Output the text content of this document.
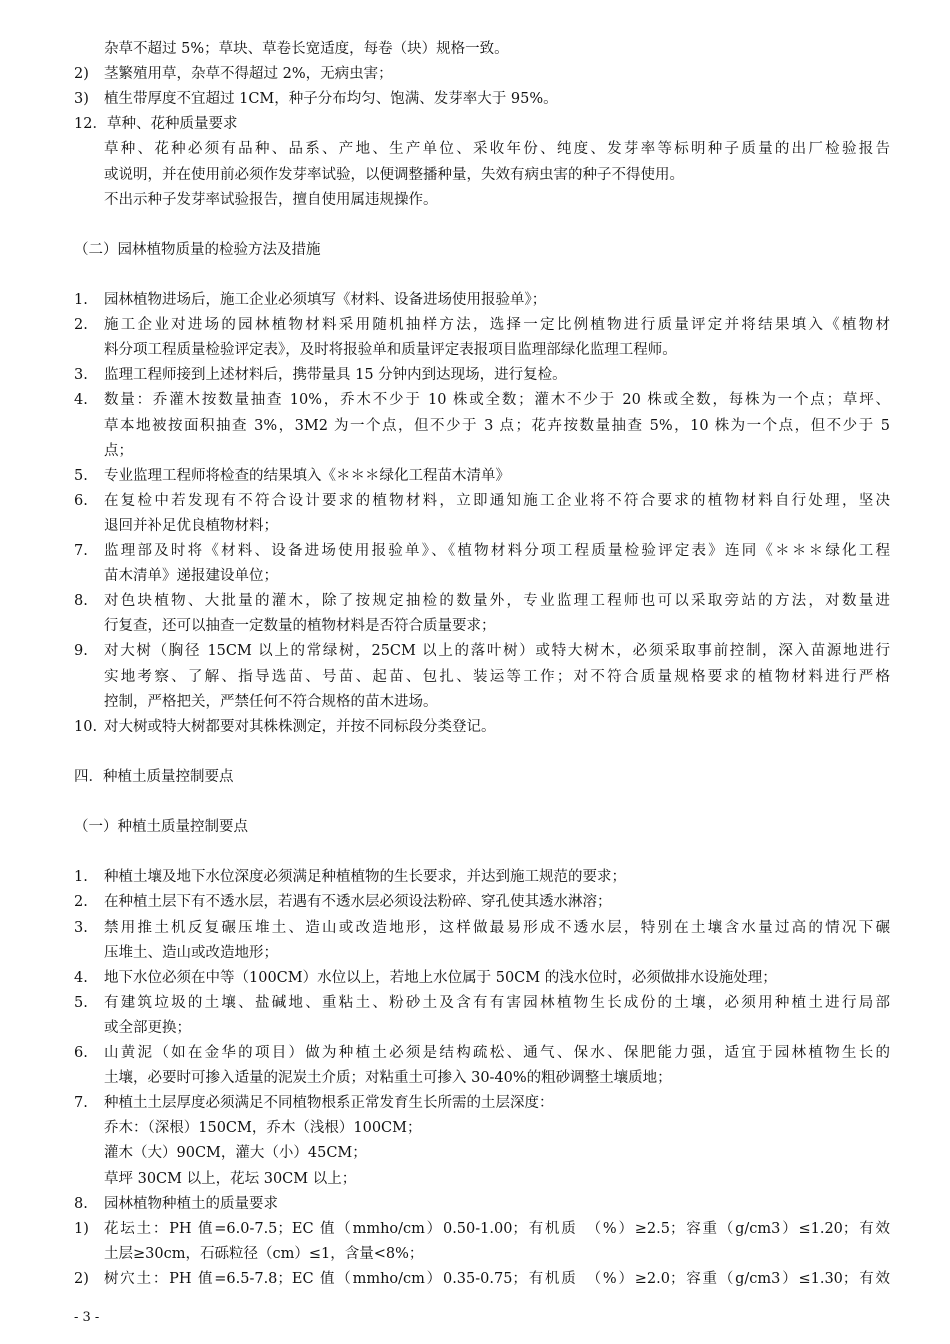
杂草不超过 5%；草块、草卷长宽适度，每卷（块）规格一致。
2) 茎繁殖用草，杂草不得超过 2%，无病虫害；
3) 植生带厚度不宜超过 1CM，种子分布均匀、饱满、发芽率大于 95%。
12．草种、花种质量要求
草种、花种必须有品种、品系、产地、生产单位、采收年份、纯度、发芽率等标明种子质量的出厂检验报告
或说明，并在使用前必须作发芽率试验，以便调整播种量，失效有病虫害的种子不得使用。
不出示种子发芽率试验报告，擅自使用属违规操作。
（二）园林植物质量的检验方法及措施
1. 园林植物进场后，施工企业必须填写《材料、设备进场使用报验单》；
2. 施工企业对进场的园林植物材料采用随机抽样方法，选择一定比例植物进行质量评定并将结果填入《植物材
料分项工程质量检验评定表》，及时将报验单和质量评定表报项目监理部绿化监理工程师。
3. 监理工程师接到上述材料后，携带量具 15 分钟内到达现场，进行复检。
4. 数量：乔灌木按数量抽查 10%，乔木不少于 10 株或全数；灌木不少于 20 株或全数，每株为一个点；草坪、
草本地被按面积抽查 3%，3M2 为一个点，但不少于 3 点；花卉按数量抽查 5%，10 株为一个点，但不少于 5
点；
5. 专业监理工程师将检查的结果填入《＊＊＊绿化工程苗木清单》
6. 在复检中若发现有不符合设计要求的植物材料，立即通知施工企业将不符合要求的植物材料自行处理，坚决
退回并补足优良植物材料；
7. 监理部及时将《材料、设备进场使用报验单》、《植物材料分项工程质量检验评定表》连同《＊＊＊绿化工程
苗木清单》递报建设单位；
8. 对色块植物、大批量的灌木，除了按规定抽检的数量外，专业监理工程师也可以采取旁站的方法，对数量进
行复查，还可以抽查一定数量的植物材料是否符合质量要求；
9. 对大树（胸径 15CM 以上的常绿树，25CM 以上的落叶树）或特大树木，必须采取事前控制，深入苗源地进行
实地考察、了解、指导选苗、号苗、起苗、包扎、装运等工作；对不符合质量规格要求的植物材料进行严格
控制，严格把关，严禁任何不符合规格的苗木进场。
10. 对大树或特大树都要对其株株测定，并按不同标段分类登记。
四．种植土质量控制要点
（一）种植土质量控制要点
1. 种植土壤及地下水位深度必须满足种植植物的生长要求，并达到施工规范的要求；
2. 在种植土层下有不透水层，若遇有不透水层必须设法粉碎、穿孔使其透水淋溶；
3. 禁用推土机反复碾压堆土、造山或改造地形，这样做最易形成不透水层，特别在土壤含水量过高的情况下碾
压堆土、造山或改造地形；
4. 地下水位必须在中等（100CM）水位以上，若地上水位属于 50CM 的浅水位时，必须做排水设施处理；
5. 有建筑垃圾的土壤、盐碱地、重粘土、粉砂土及含有有害园林植物生长成份的土壤，必须用种植土进行局部
或全部更换；
6. 山黄泥（如在金华的项目）做为种植土必须是结构疏松、通气、保水、保肥能力强，适宜于园林植物生长的
土壤，必要时可掺入适量的泥炭土介质；对粘重土可掺入 30-40%的粗砂调整土壤质地；
7. 种植土土层厚度必须满足不同植物根系正常发育生长所需的土层深度：
乔木：（深根）150CM，乔木（浅根）100CM；
灌木（大）90CM，灌大（小）45CM；
草坪 30CM 以上，花坛 30CM 以上；
8. 园林植物种植土的质量要求
1) 花坛土：PH 值=6.0-7.5；EC 值（mmho/cm）0.50-1.00；有机质　（%）≥2.5；容重（g/cm3）≤1.20；有效
土层≥30cm，石砾粒径（cm）≤1，含量<8%；
2) 树穴土：PH 值=6.5-7.8；EC 值（mmho/cm）0.35-0.75；有机质　（%）≥2.0；容重（g/cm3）≤1.30；有效
- 3 -
